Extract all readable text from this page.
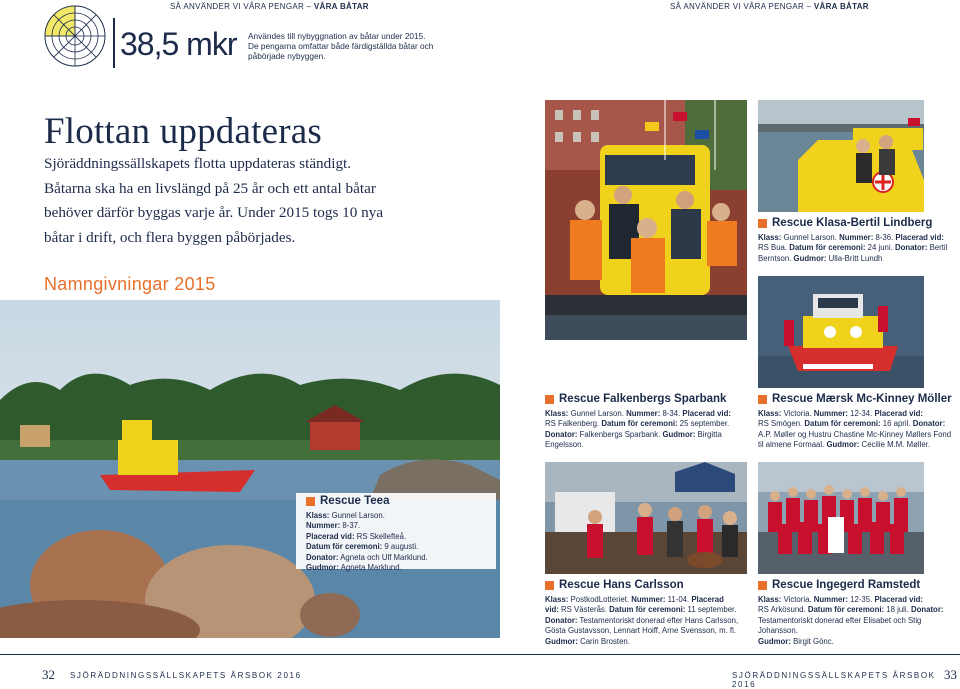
SÅ ANVÄNDER VI VÅRA PENGAR – VÅRA BÅTAR	SÅ ANVÄNDER VI VÅRA PENGAR – VÅRA BÅTAR
38,5 mkr Användes till nybyggnation av båtar under 2015.
De pengarna omfattar både färdigställda båtar och
påbörjade nybyggen.
Flottan uppdateras
Sjöräddningssällskapets flotta uppdateras ständigt.
Båtarna ska ha en livslängd på 25 år och ett antal båtar
behöver därför byggas varje år. Under 2015 togs 10 nya
båtar i drift, och flera byggen påbörjades.
Namngivningar 2015
Rescue Klasa-Bertil Lindberg
Klass: Gunnel Larson. Nummer: 8-36. Placerad vid:
RS Bua. Datum för ceremoni: 24 juni. Donator: Bertil
Berntson. Gudmor: Ulla-Britt Lundh
Rescue Teea
Klass: Gunnel Larson.
Nummer: 8-37.
Placerad vid: RS Skellefteå.
Datum för ceremoni: 9 augusti.
Donator: Agneta och Ulf Marklund.
Gudmor: Agneta Marklund.
Rescue Falkenbergs Sparbank
Klass: Gunnel Larson. Nummer: 8-34. Placerad vid:
RS Falkenberg. Datum för ceremoni: 25 september.
Donator: Falkenbergs Sparbank. Gudmor: Birgitta
Engelsson.
Rescue Mærsk Mc-Kinney Möller
Klass: Victoria. Nummer: 12-34. Placerad vid:
RS Smögen. Datum för ceremoni: 16 april. Donator:
A.P. Møller og Hustru Chastine Mc-Kinney Møllers Fond
til almene Formaal. Gudmor: Cecilie M.M. Møller.
Rescue Hans Carlsson
Klass: PostkodLotteriet. Nummer: 11-04. Placerad
vid: RS Västerås. Datum för ceremoni: 11 september.
Donator: Testamentoriskt donerad efter Hans Carlsson,
Gösta Gustavsson, Lennart Hoiff, Arne Svensson, m. fl.
Gudmor: Carin Brosten.
Rescue Ingegerd Ramstedt
Klass: Victoria. Nummer: 12-35. Placerad vid:
RS Arkösund. Datum för ceremoni: 18 juli. Donator:
Testamentoriskt donerad efter Elisabet och Stig Johansson.
Gudmor: Birgit Gönc.
32 SJÖRÄDDNINGSSÄLLSKAPETS ÅRSBOK 2016	SJÖRÄDDNINGSSÄLLSKAPETS ÅRSBOK 2016
33
